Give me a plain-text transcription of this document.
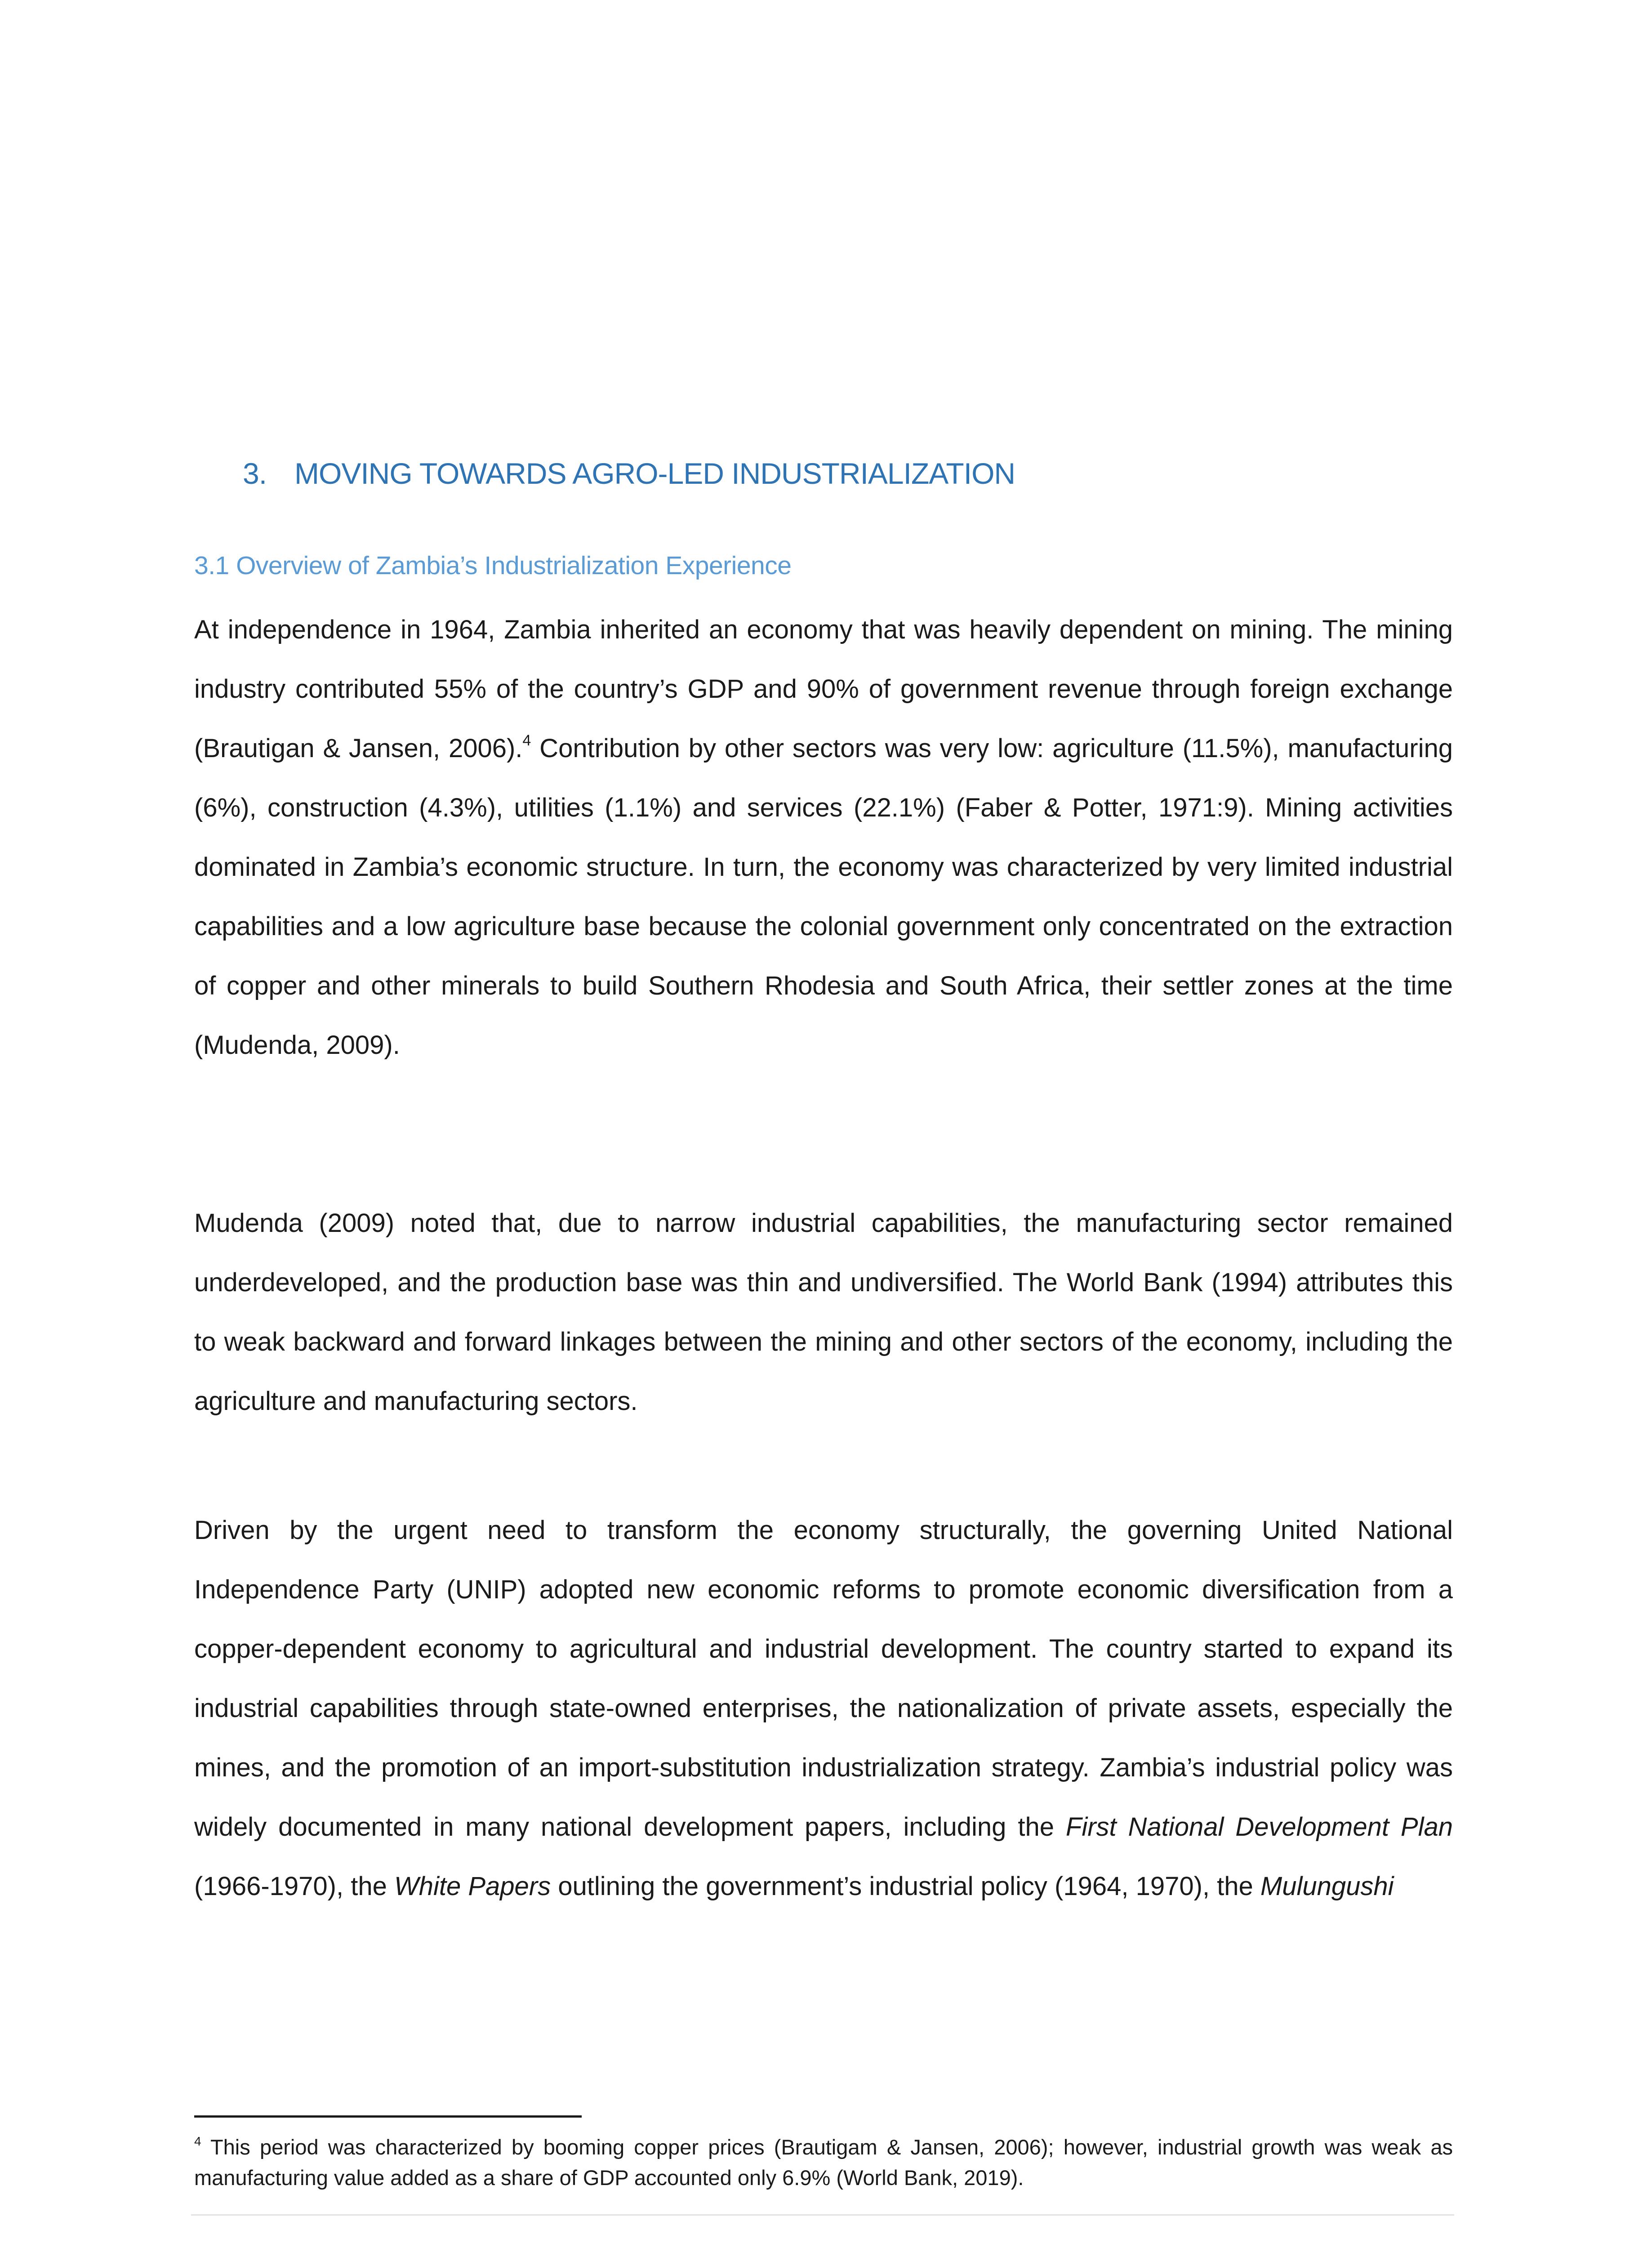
3. MOVING TOWARDS AGRO-LED INDUSTRIALIZATION
3.1 Overview of Zambia’s Industrialization Experience

At independence in 1964, Zambia inherited an economy that was heavily dependent on mining. The mining industry contributed 55% of the country’s GDP and 90% of government revenue through foreign exchange (Brautigan & Jansen, 2006).$^4$ Contribution by other sectors was very low: agriculture (11.5%), manufacturing (6%), construction (4.3%), utilities (1.1%) and services (22.1%) (Faber & Potter, 1971:9). Mining activities dominated in Zambia’s economic structure. In turn, the economy was characterized by very limited industrial capabilities and a low agriculture base because the colonial government only concentrated on the extraction of copper and other minerals to build Southern Rhodesia and South Africa, their settler zones at the time (Mudenda, 2009).

Mudenda (2009) noted that, due to narrow industrial capabilities, the manufacturing sector remained underdeveloped, and the production base was thin and undiversified. The World Bank (1994) attributes this to weak backward and forward linkages between the mining and other sectors of the economy, including the agriculture and manufacturing sectors.

Driven by the urgent need to transform the economy structurally, the governing United National Independence Party (UNIP) adopted new economic reforms to promote economic diversification from a copper-dependent economy to agricultural and industrial development. The country started to expand its industrial capabilities through state-owned enterprises, the nationalization of private assets, especially the mines, and the promotion of an import-substitution industrialization strategy. Zambia’s industrial policy was widely documented in many national development papers, including the First National Development Plan (1966-1970), the White Papers outlining the government’s industrial policy (1964, 1970), the Mulungushi

$^4$ This period was characterized by booming copper prices (Brautigam & Jansen, 2006); however, industrial growth was weak as manufacturing value added as a share of GDP accounted only 6.9% (World Bank, 2019).
